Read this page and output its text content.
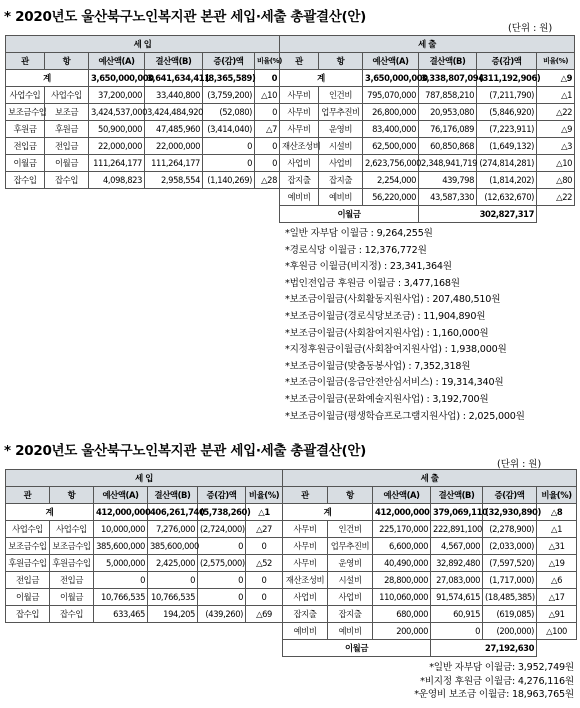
* 2020년도 울산북구노인복지관 본관 세입·세출 총괄결산(안)
(단위 : 원)
세 입						세 출					
관	항	예산액(A)	결산액(B)	증(감)액	비율(%)	관	항	예산액(A)	결산액(B)	증(감)액	비율(%)
계		3,650,000,000	3,641,634,411	(8,365,589)	0	계		3,650,000,000	3,338,807,094	(311,192,906)	△9
사업수입	사업수입	37,200,000	33,440,800	(3,759,200)	△10	사무비	인건비	795,070,000	787,858,210	(7,211,790)	△1
보조금수입	보조금	3,424,537,000	3,424,484,920	(52,080)	0	사무비	업무추진비	26,800,000	20,953,080	(5,846,920)	△22
후원금	후원금	50,900,000	47,485,960	(3,414,040)	△7	사무비	운영비	83,400,000	76,176,089	(7,223,911)	△9
전입금	전입금	22,000,000	22,000,000	0	0	재산조성비	시설비	62,500,000	60,850,868	(1,649,132)	△3
이월금	이월금	111,264,177	111,264,177	0	0	사업비	사업비	2,623,756,000	2,348,941,719	(274,814,281)	△10
잡수입	잡수입	4,098,823	2,958,554	(1,140,269)	△28	잡지출	잡지출	2,254,000	439,798	(1,814,202)	△80
						예비비	예비비	56,220,000	43,587,330	(12,632,670)	△22
						이월금			302,827,317		
*일반 자부담 이월금 : 9,264,255원
*경로식당 이월금 : 12,376,772원
*후원금 이월금(비지정) : 23,341,364원
*법인전입금 후원금 이월금 : 3,477,168원
*보조금이월금(사회활동지원사업) : 207,480,510원
*보조금이월금(경로식당보조금) : 11,904,890원
*보조금이월금(사회참여지원사업) : 1,160,000원
*지정후원금이월금(사회참여지원사업) : 1,938,000원
*보조금이월금(맞춤동봉사업) : 7,352,318원
*보조금이월금(응급안전안심서비스) : 19,314,340원
*보조금이월금(문화예술지원사업) : 3,192,700원
*보조금이월금(평생학습프로그램지원사업) : 2,025,000원
* 2020년도 울산북구노인복지관 분관 세입·세출 총괄결산(안)
(단위 : 원)
세 입						세 출					
관	항	예산액(A)	결산액(B)	증(감)액	비율(%)	관	항	예산액(A)	결산액(B)	증(감)액	비율(%)
계		412,000,000	406,261,740	(5,738,260)	△1	계		412,000,000	379,069,110	(32,930,890)	△8
사업수입	사업수입	10,000,000	7,276,000	(2,724,000)	△27	사무비	인건비	225,170,000	222,891,100	(2,278,900)	△1
보조금수입	보조금수입	385,600,000	385,600,000	0	0	사무비	업무추진비	6,600,000	4,567,000	(2,033,000)	△31
후원금수입	후원금수입	5,000,000	2,425,000	(2,575,000)	△52	사무비	운영비	40,490,000	32,892,480	(7,597,520)	△19
전입금	전입금	0	0	0	0	재산조성비	시설비	28,800,000	27,083,000	(1,717,000)	△6
이월금	이월금	10,766,535	10,766,535	0	0	사업비	사업비	110,060,000	91,574,615	(18,485,385)	△17
잡수입	잡수입	633,465	194,205	(439,260)	△69	잡지출	잡지출	680,000	60,915	(619,085)	△91
						예비비	예비비	200,000	0	(200,000)	△100
						이월금			27,192,630		
*일반 자부담 이월금: 3,952,749원
*비지정 후원금 이월금: 4,276,116원
*운영비 보조금 이월금: 18,963,765원
